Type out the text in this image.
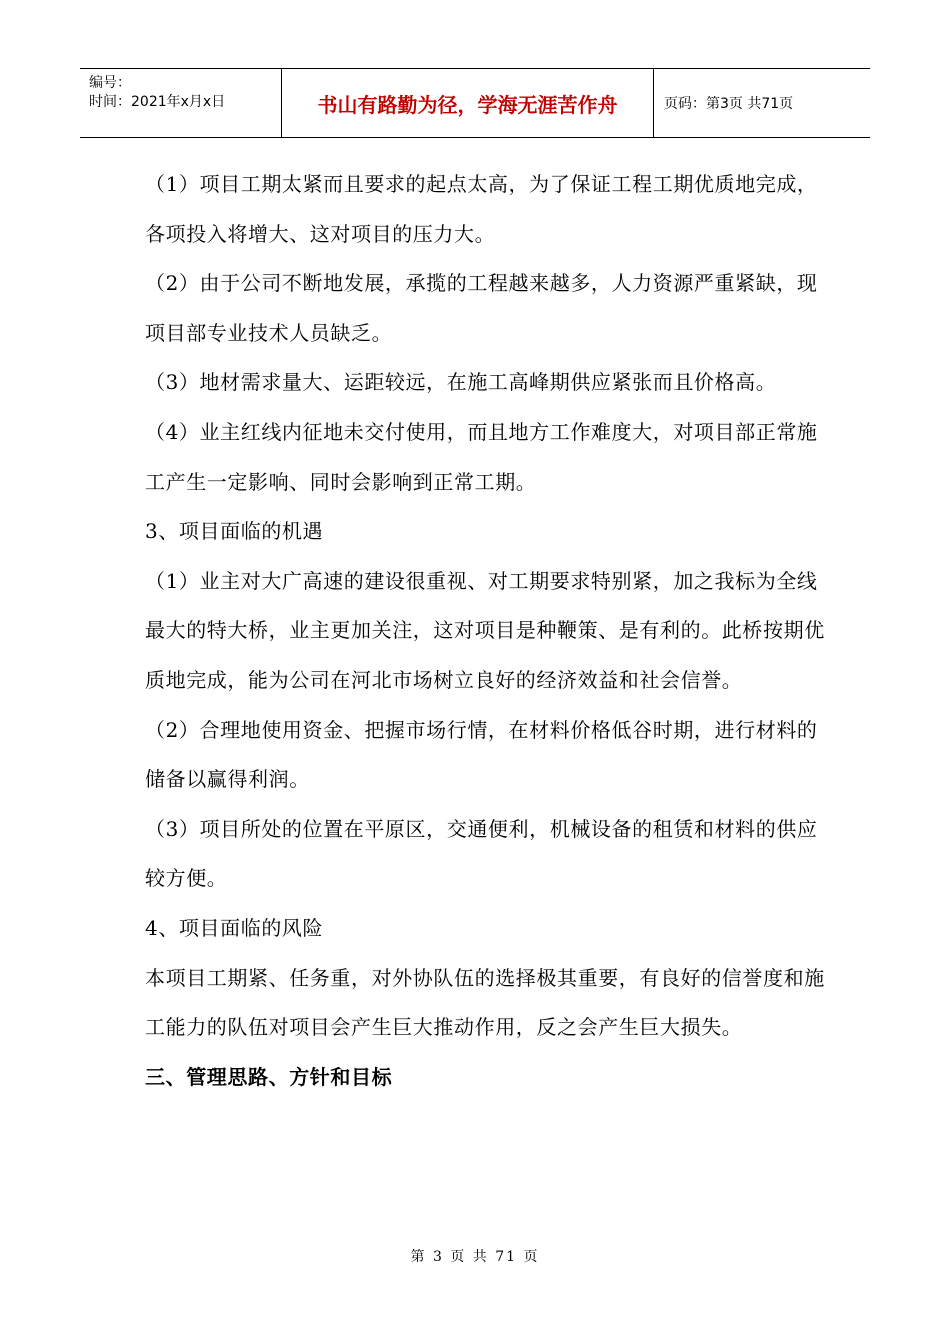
编号：
时间：2021年x月x日	书山有路勤为径，学海无涯苦作舟	页码：第3页 共71页

（1）项目工期太紧而且要求的起点太高，为了保证工程工期优质地完成，各项投入将增大、这对项目的压力大。

（2）由于公司不断地发展，承揽的工程越来越多，人力资源严重紧缺，现项目部专业技术人员缺乏。

（3）地材需求量大、运距较远，在施工高峰期供应紧张而且价格高。

（4）业主红线内征地未交付使用，而且地方工作难度大，对项目部正常施工产生一定影响、同时会影响到正常工期。

3、项目面临的机遇

（1）业主对大广高速的建设很重视、对工期要求特别紧，加之我标为全线最大的特大桥，业主更加关注，这对项目是种鞭策、是有利的。此桥按期优质地完成，能为公司在河北市场树立良好的经济效益和社会信誉。

（2）合理地使用资金、把握市场行情，在材料价格低谷时期，进行材料的储备以赢得利润。

（3）项目所处的位置在平原区，交通便利，机械设备的租赁和材料的供应较方便。

4、项目面临的风险

本项目工期紧、任务重，对外协队伍的选择极其重要，有良好的信誉度和施工能力的队伍对项目会产生巨大推动作用，反之会产生巨大损失。

三、管理思路、方针和目标

第 3 页 共 71 页
